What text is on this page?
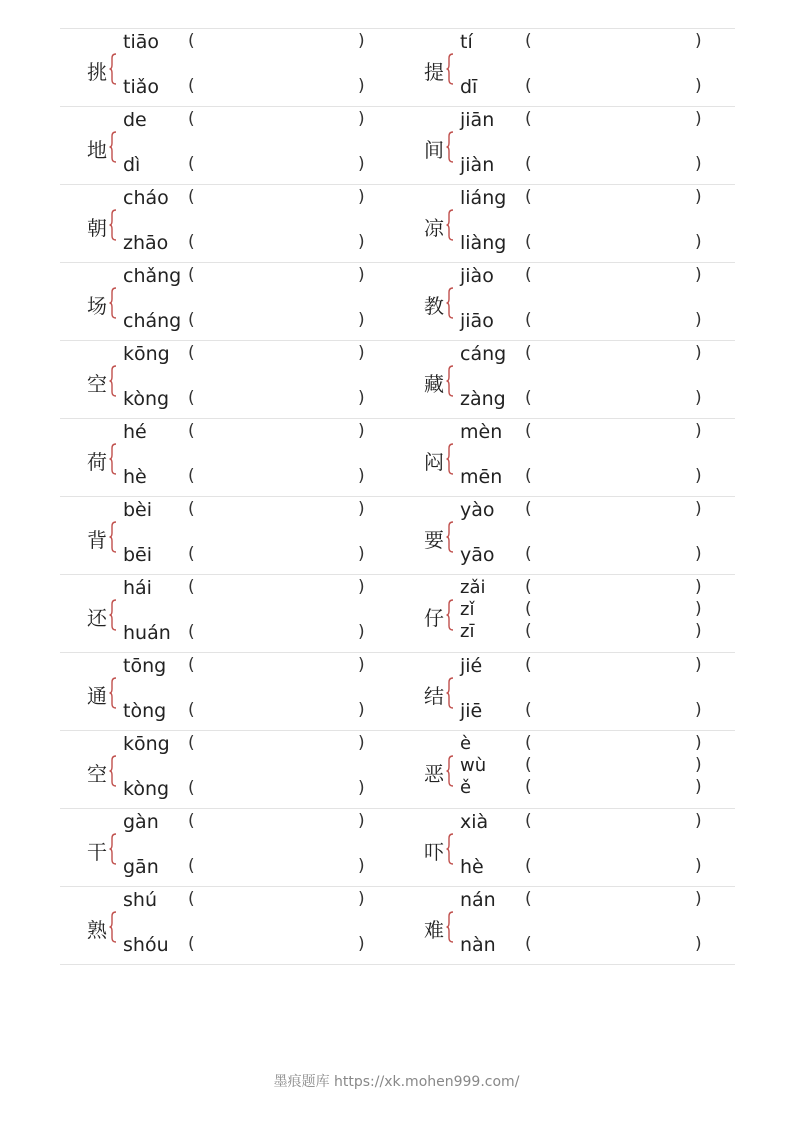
挑
tiāo (	)
tiǎo (	)
提
tí	(	)
dī	(	)
地
de (	)
dì	(	)
间
jiān (	)
jiàn (	)
朝
cháo (	)
zhāo (	)
凉
liáng (	)
liàng (	)
场
chǎng (	)
cháng (	)
教
jiào (	)
jiāo (	)
空
kōng (	)
kòng (	)
藏
cáng (	)
zàng (	)
荷
hé (	)
hè (	)
闷
mèn (	)
mēn (	)
背
bèi (	)
bēi (	)
要
yào (	)
yāo (	)
还
hái (	)
huán (	)
仔
zǎi (	)
zǐ	(	)
zī	(	)
通
tōng (	)
tòng (	)
结
jié	(	)
jiē	(	)
空
kōng (	)
kòng (	)
恶
è	(	)
wù (	)
ě	(	)
干
gàn (	)
gān (	)
吓
xià (	)
hè (	)
熟
shú (	)
shóu (	)
难
nán (	)
nàn (	)
墨痕题库 https://xk.mohen999.com/
